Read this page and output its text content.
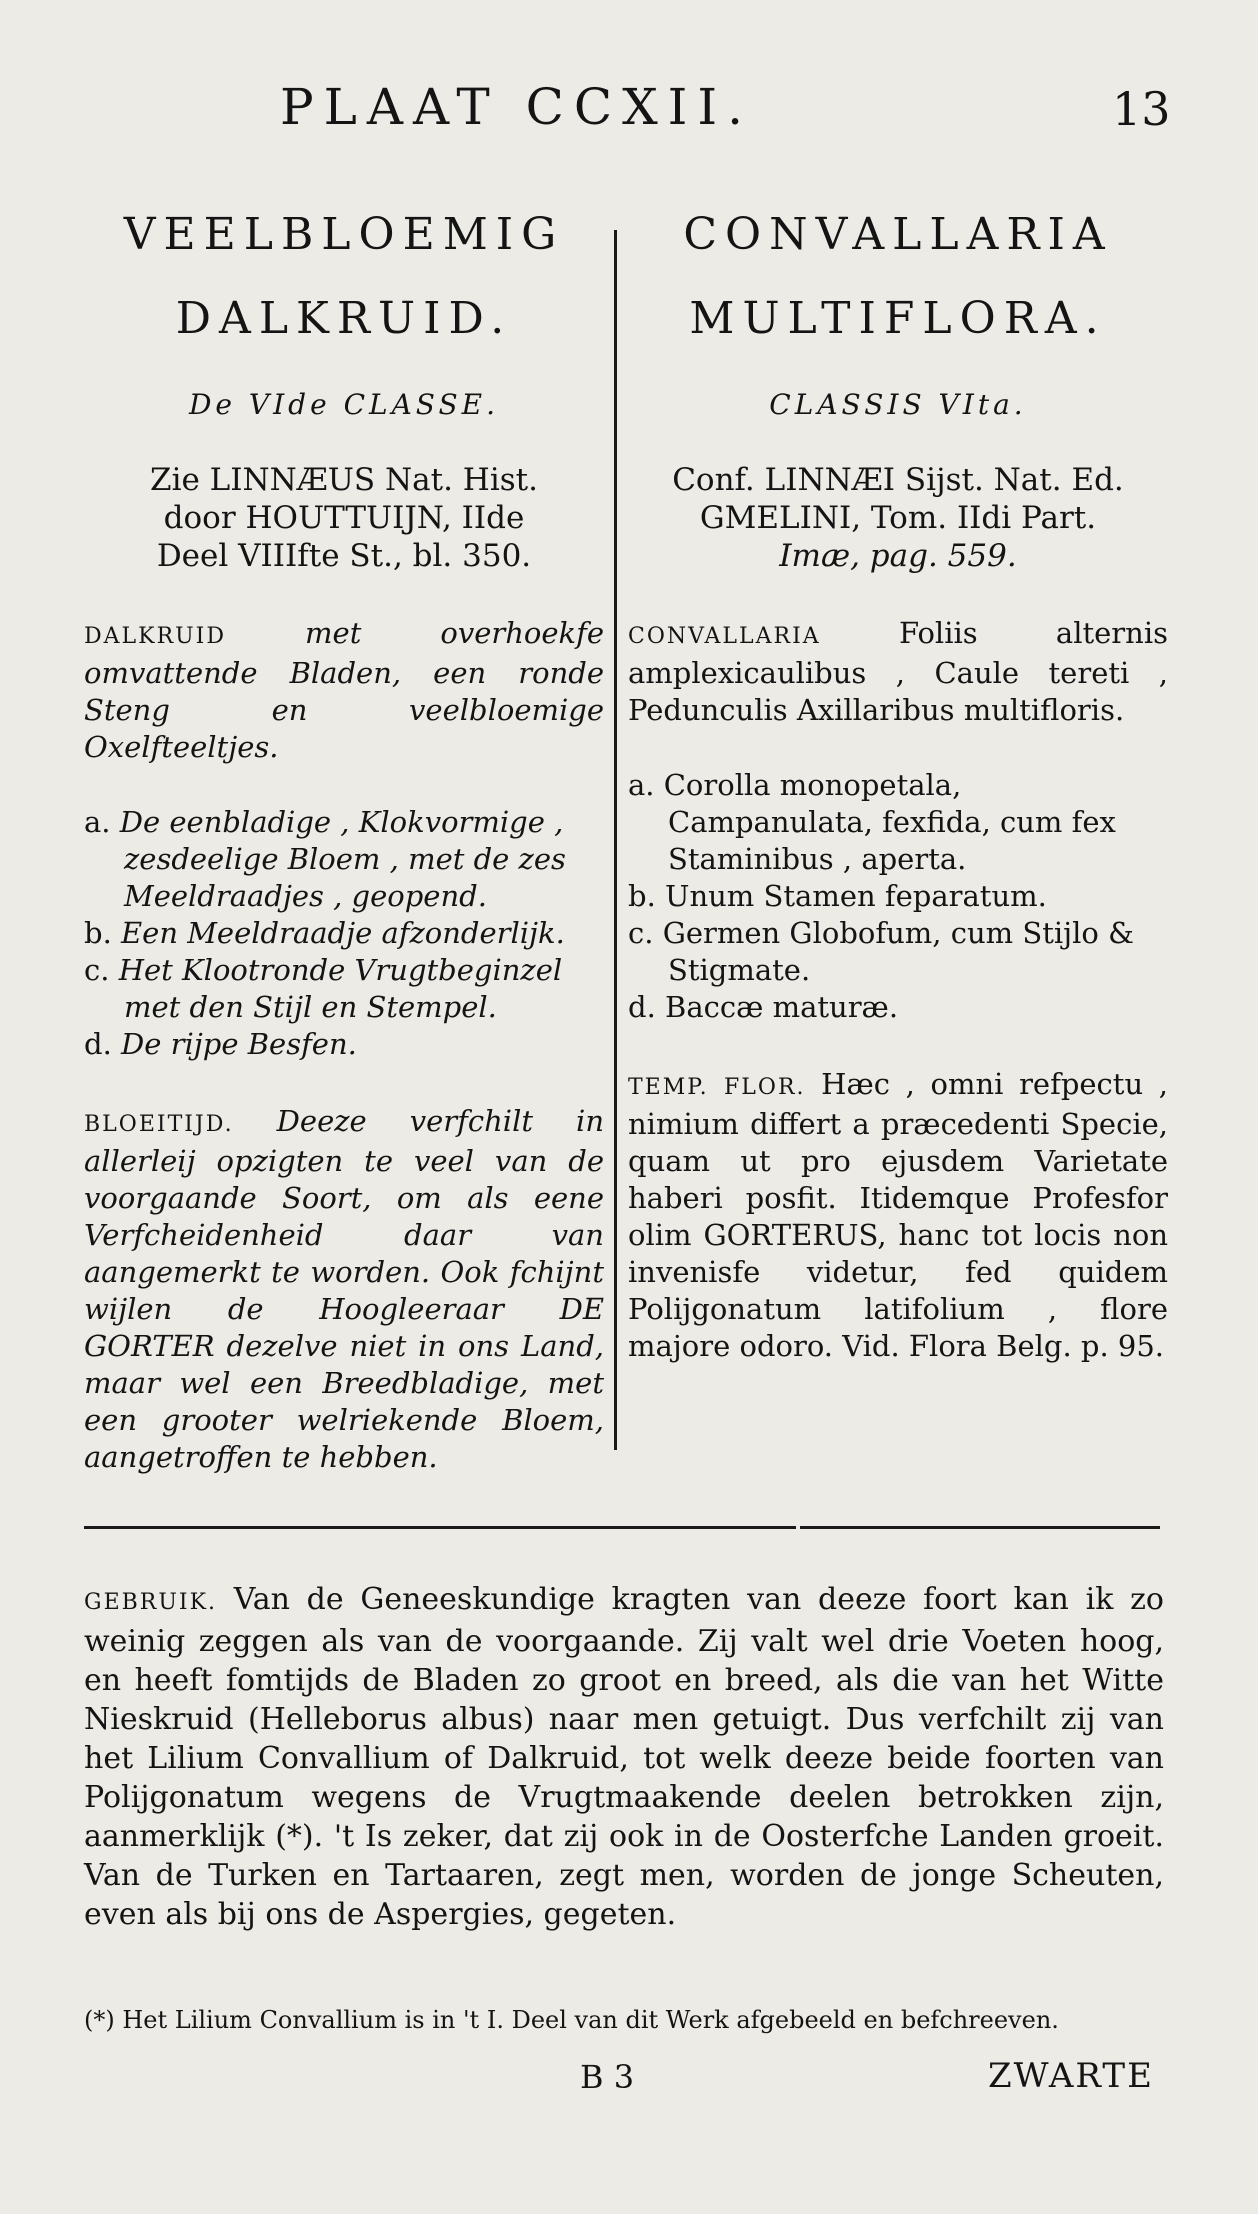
PLAAT CCXII.	13

VEELBLOEMIG

DALKRUID.

De VIde CLASSE.
Zie LINNÆUS Nat. Hist.
door HOUTTUIJN, IIde
Deel VIIIfte St., bl. 350.
DALKRUID	met overhoekfe omvattende Bladen, een ronde Steng en veelbloemige Oxelfteeltjes.
a. De eenbladige , Klokvormige , zesdeelige Bloem , met de zes Meeldraadjes , geopend.
b. Een Meeldraadje afzonderlijk.
c. Het Klootronde Vrugtbeginzel met den Stijl en Stempel.
d. De rijpe Besfen.
BLOEITIJD. Deeze verfchilt in allerleij opzigten te veel van de voorgaande Soort, om als eene Verfcheidenheid daar van aangemerkt te worden. Ook fchijnt wijlen de Hoogleeraar DE GORTER dezelve niet in ons Land, maar wel een Breedbladige, met een grooter welriekende Bloem, aangetroffen te hebben.

CONVALLARIA

MULTIFLORA.

CLASSIS VIta.
Conf. LINNÆI Sijst. Nat. Ed.
GMELINI, Tom. IIdi Part.
Imæ, pag. 559.
CONVALLARIA	Foliis alternis amplexicaulibus , Caule tereti , Pedunculis Axillaribus multifloris.
a. Corolla monopetala, Campanulata, fexfida, cum fex Staminibus , aperta.
b. Unum Stamen feparatum.
c. Germen Globofum, cum Stijlo & Stigmate.
d. Baccæ maturæ.
TEMP. FLOR. Hæc , omni refpectu , nimium differt a præcedenti Specie, quam ut pro ejusdem Varietate haberi posfit. Itidemque Profesfor olim GORTERUS, hanc tot locis non invenisfe videtur, fed quidem Polijgonatum latifolium , flore majore odoro. Vid. Flora Belg. p. 95.
GEBRUIK. Van de Geneeskundige kragten van deeze foort kan ik zo weinig zeggen als van de voorgaande. Zij valt wel drie Voeten hoog, en heeft fomtijds de Bladen zo groot en breed, als die van het Witte Nieskruid (Helleborus albus) naar men getuigt. Dus verfchilt zij van het Lilium Convallium of Dalkruid, tot welk deeze beide foorten van Polijgonatum wegens de Vrugtmaakende deelen betrokken zijn, aanmerklijk (*). 't Is zeker, dat zij ook in de Oosterfche Landen groeit. Van de Turken en Tartaaren, zegt men, worden de jonge Scheuten, even als bij ons de Aspergies, gegeten.
(*) Het Lilium Convallium is in 't I. Deel van dit Werk afgebeeld en befchreeven.
B 3	ZWARTE
